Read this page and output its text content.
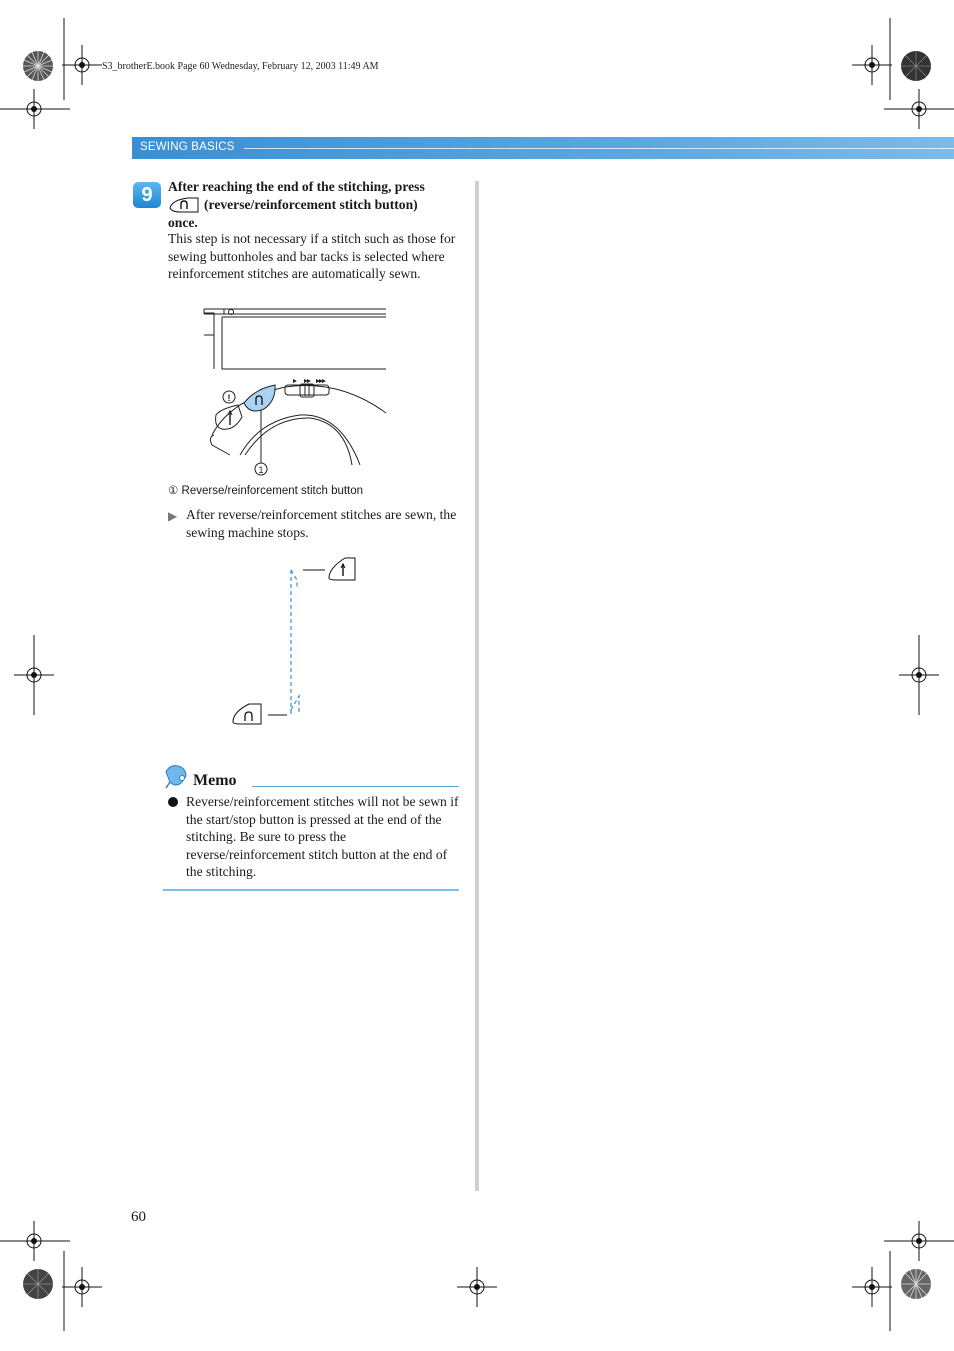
S3_brotherE.book Page 60 Wednesday, February 12, 2003 11:49 AM
SEWING BASICS
9	After reaching the end of the stitching, press
(reverse/reinforcement stitch button)
once.
This step is not necessary if a stitch such as those for sewing buttonholes and bar tacks is selected where reinforcement stitches are automatically sewn.
!
1
① Reverse/reinforcement stitch button
▶ After reverse/reinforcement stitches are sewn, the sewing machine stops.
Memo
Reverse/reinforcement stitches will not be sewn if the start/stop button is pressed at the end of the stitching. Be sure to press the reverse/reinforcement stitch button at the end of the stitching.
60
